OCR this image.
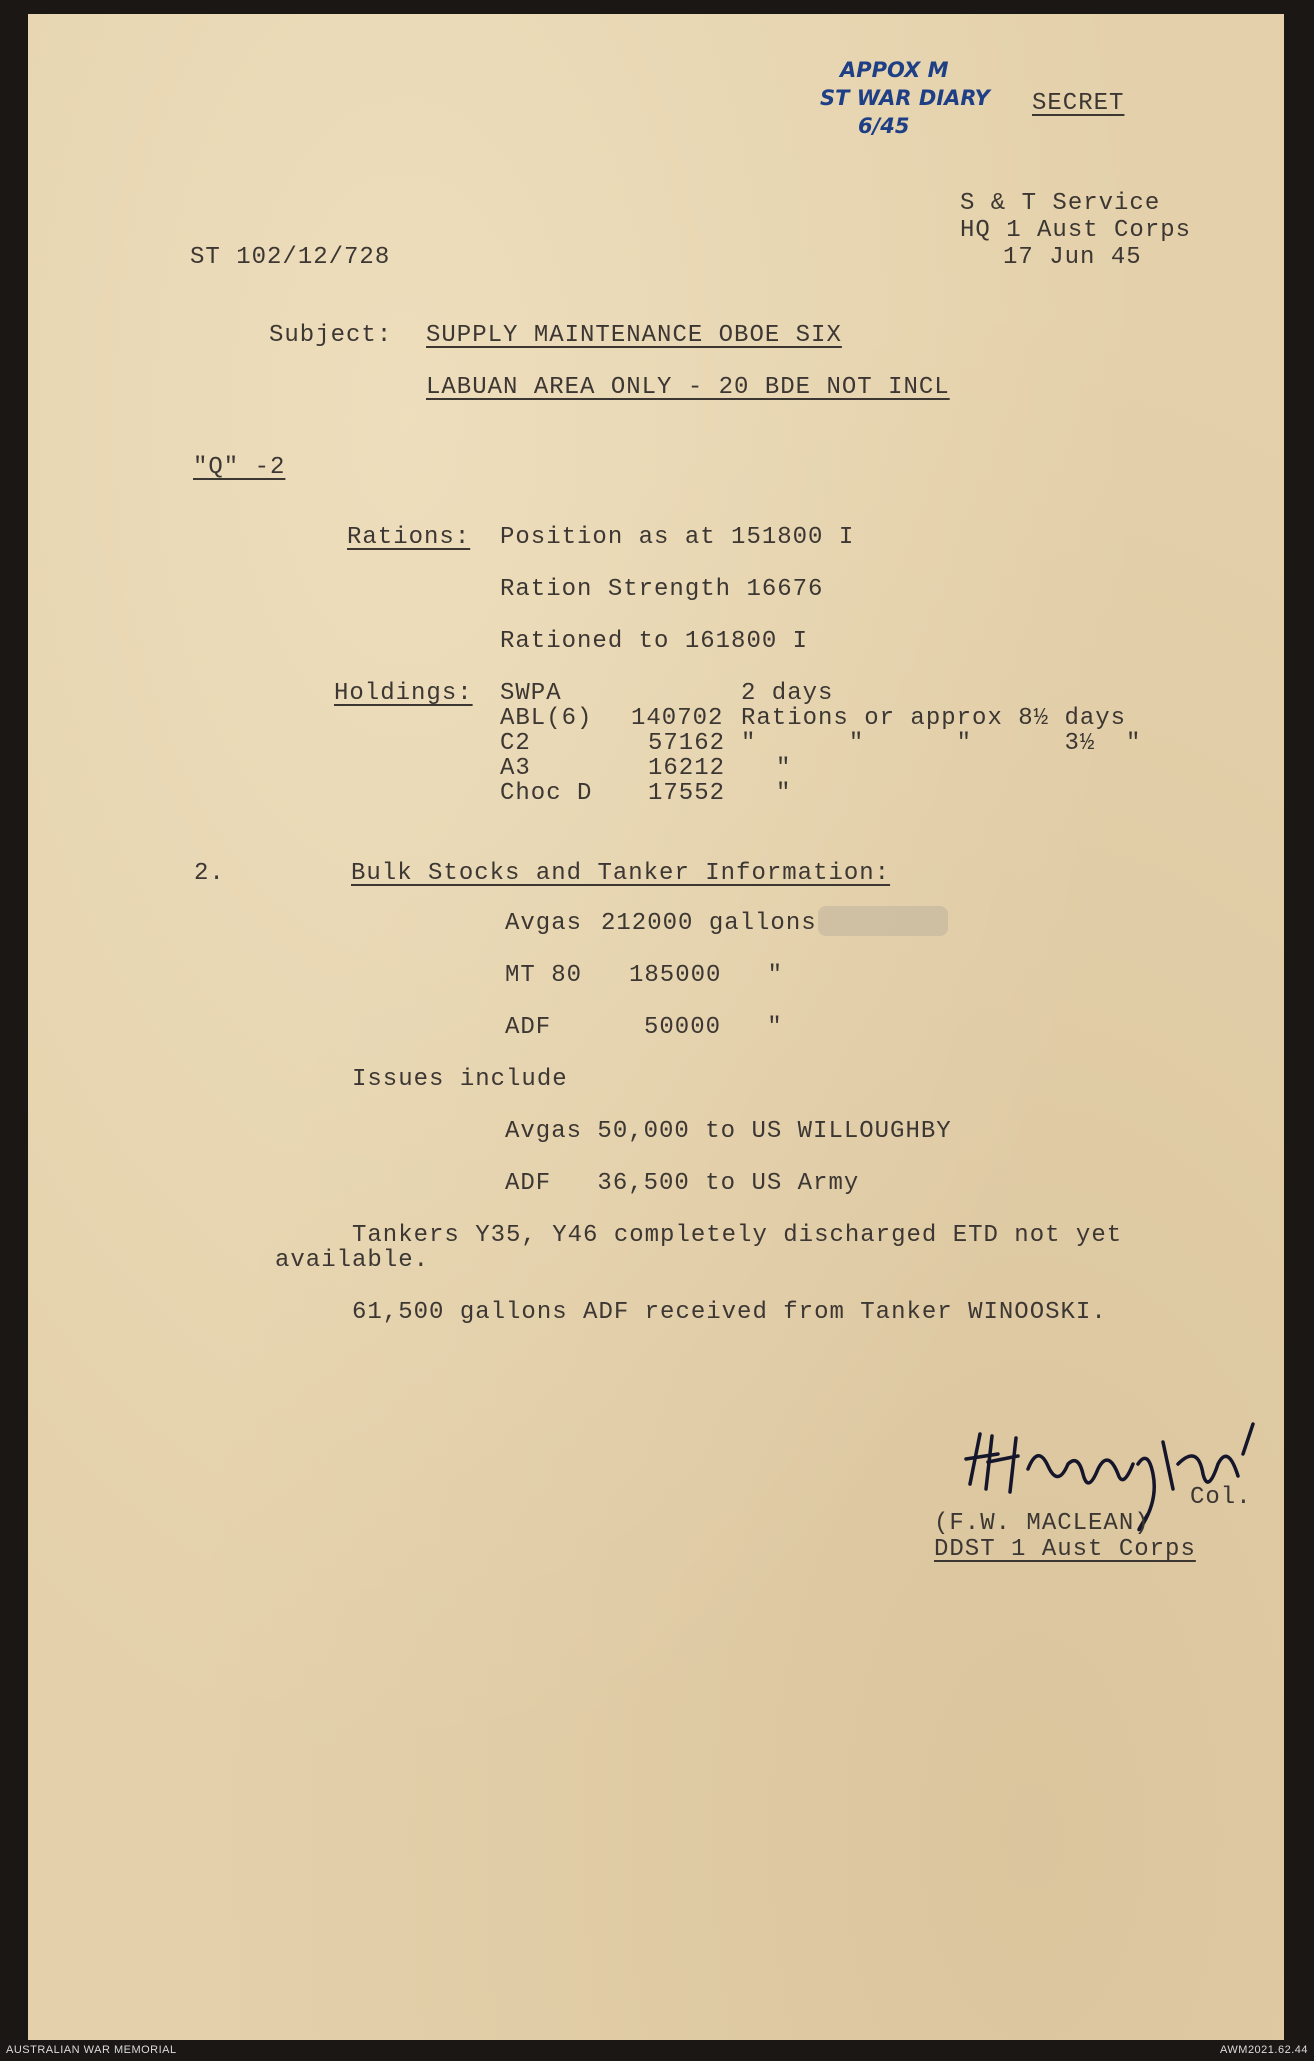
APPOX M
ST WAR DIARY
6/45
SECRET
S & T Service
HQ 1 Aust Corps
17 Jun 45
ST 102/12/728
Subject: SUPPLY MAINTENANCE OBOE SIX
LABUAN AREA ONLY - 20 BDE NOT INCL
"Q" -2
Rations: Position as at 151800 I
Ration Strength 16676
Rationed to 161800 I
Holdings: SWPA	2 days
ABL(6) 140702 Rations or approx 8½ days
C2	57162 "      "      "      3½  "
A3	16212 "
Choc D 17552 "
2.	Bulk Stocks and Tanker Information:
Avgas 212000 gallons
MT 80 185000   "
ADF	50000   "
Issues include
Avgas 50,000 to US WILLOUGHBY
ADF   36,500 to US Army
Tankers Y35, Y46 completely discharged ETD not yet
available.
61,500 gallons ADF received from Tanker WINOOSKI.
Col.
(F.W. MACLEAN)
DDST 1 Aust Corps
AUSTRALIAN WAR MEMORIAL	AWM2021.62.44
